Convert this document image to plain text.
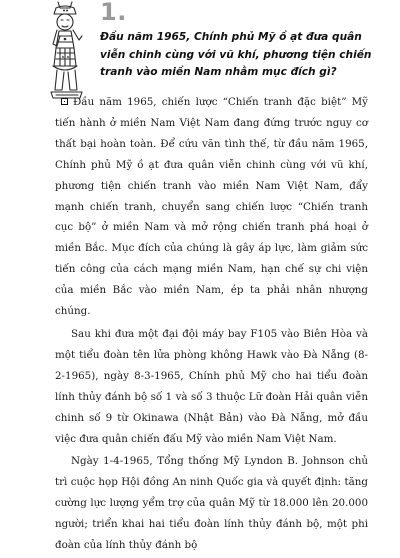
1.
Đầu năm 1965, Chính phủ Mỹ ồ ạt đưa quân viễn chinh cùng với vũ khí, phương tiện chiến tranh vào miền Nam nhằm mục đích gì?

Đầu năm 1965, chiến lược “Chiến tranh đặc biệt” Mỹ tiến hành ở miền Nam Việt Nam đang đứng trước nguy cơ thất bại hoàn toàn. Để cứu vãn tình thế, từ đầu năm 1965, Chính phủ Mỹ ồ ạt đưa quân viễn chinh cùng với vũ khí, phương tiện chiến tranh vào miền Nam Việt Nam, đẩy mạnh chiến tranh, chuyển sang chiến lược “Chiến tranh cục bộ” ở miền Nam và mở rộng chiến tranh phá hoại ở miền Bắc. Mục đích của chúng là gây áp lực, làm giảm sức tiến công của cách mạng miền Nam, hạn chế sự chi viện của miền Bắc vào miền Nam, ép ta phải nhân nhượng chúng.

Sau khi đưa một đại đội máy bay F105 vào Biên Hòa và một tiểu đoàn tên lửa phòng không Hawk vào Đà Nẵng (8-2-1965), ngày 8-3-1965, Chính phủ Mỹ cho hai tiểu đoàn lính thủy đánh bộ số 1 và số 3 thuộc Lữ đoàn Hải quân viễn chinh số 9 từ Okinawa (Nhật Bản) vào Đà Nẵng, mở đầu việc đưa quân chiến đấu Mỹ vào miền Nam Việt Nam.

Ngày 1-4-1965, Tổng thống Mỹ Lyndon B. Johnson chủ trì cuộc họp Hội đồng An ninh Quốc gia và quyết định: tăng cường lực lượng yểm trợ của quân Mỹ từ 18.000 lên 20.000 người; triển khai hai tiểu đoàn lính thủy đánh bộ, một phi đoàn của lính thủy đánh bộ
